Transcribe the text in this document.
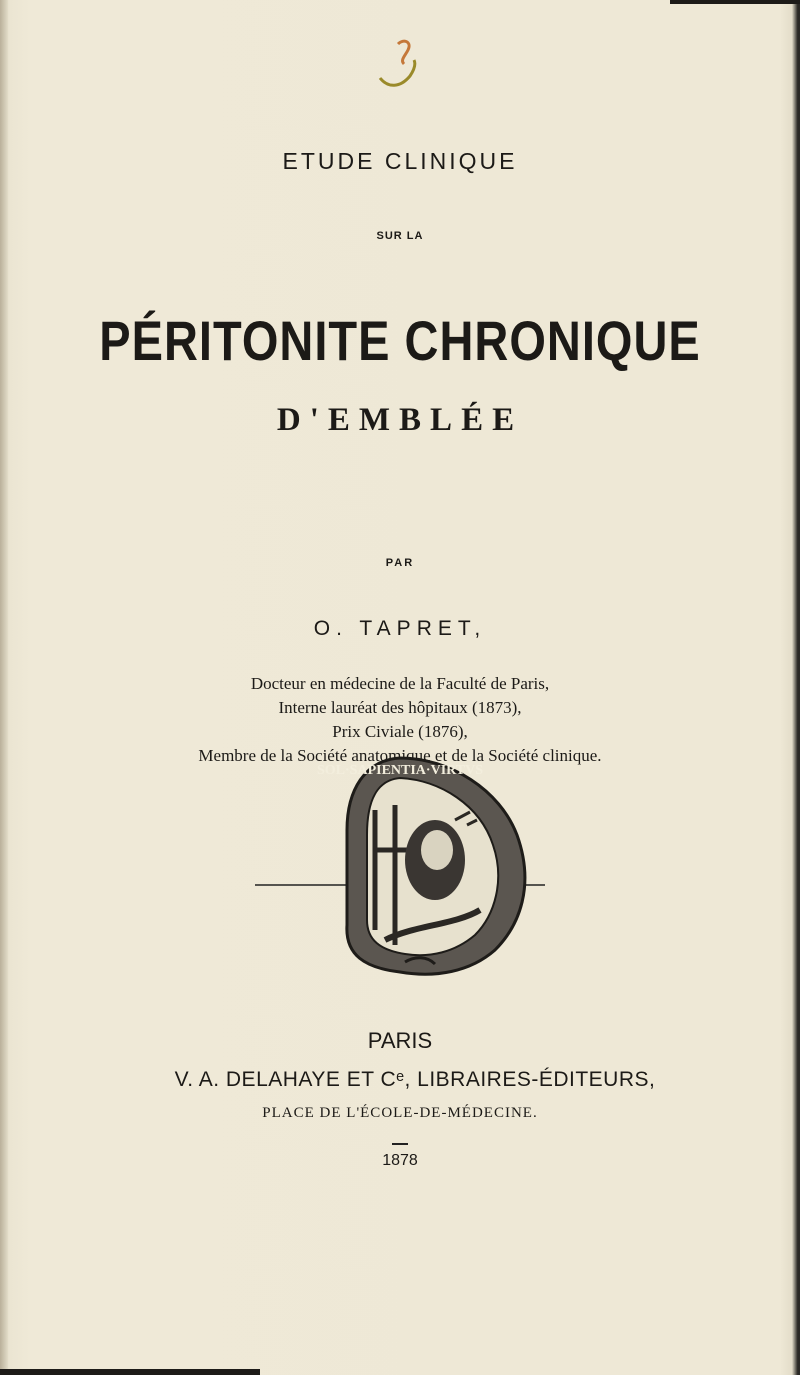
ETUDE CLINIQUE
SUR LA
PÉRITONITE CHRONIQUE
D'EMBLÉE
PAR
O. TAPRET,
Docteur en médecine de la Faculté de Paris,
Interne lauréat des hôpitaux (1873),
Prix Civiale (1876),
Membre de la Société anatomique et de la Société clinique.
SOL·SAPIENTIA·VIRTVS
PARIS
V. A. DELAHAYE ET Cᵉ, LIBRAIRES-ÉDITEURS,
PLACE DE L'ÉCOLE-DE-MÉDECINE.
1878
